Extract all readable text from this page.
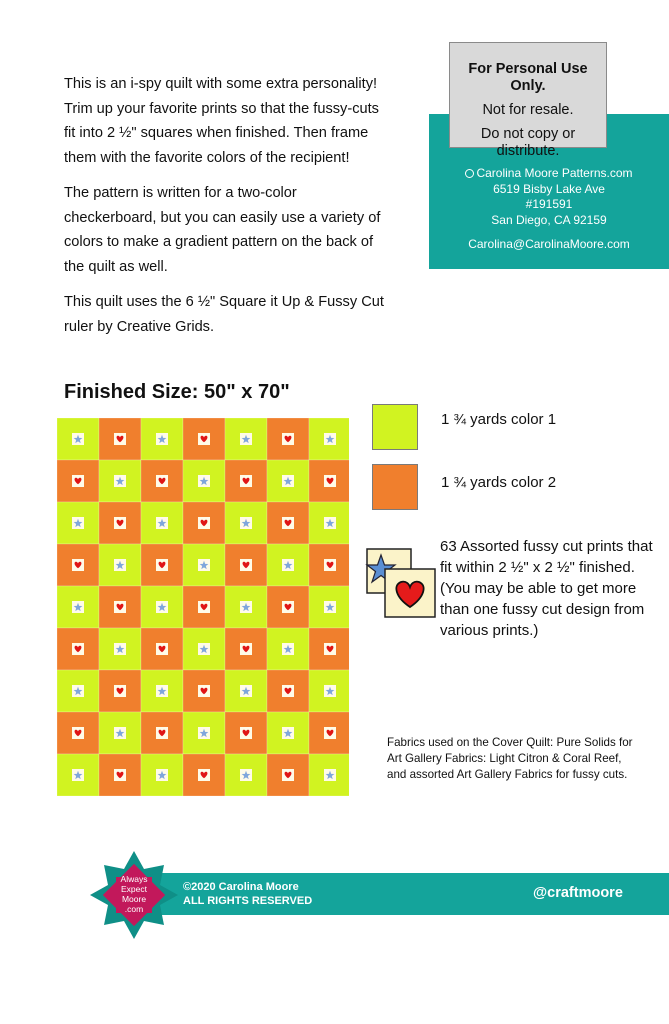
This is an i-spy quilt with some extra personality! Trim up your favorite prints so that the fussy-cuts fit into 2 ½" squares when finished. Then frame them with the favorite colors of the recipient!

The pattern is written for a two-color checkerboard, but you can easily use a variety of colors to make a gradient pattern on the back of the quilt as well.

This quilt uses the 6 ½" Square it Up & Fussy Cut ruler by Creative Grids.

For Personal Use Only.
Not for resale.
Do not copy or distribute.
Carolina Moore Patterns.com
6519 Bisby Lake Ave
#191591
San Diego, CA 92159
Carolina@CarolinaMoore.com
Finished Size: 50" x 70"
1 ¾ yards color 1
1 ¾ yards color 2
63 Assorted fussy cut prints that fit within 2 ½" x 2 ½" finished. (You may be able to get more than one fussy cut design from various prints.)
Fabrics used on the Cover Quilt: Pure Solids for Art Gallery Fabrics: Light Citron & Coral Reef, and assorted Art Gallery Fabrics for fussy cuts.
©2020 Carolina Moore
ALL RIGHTS RESERVED	@craftmoore
Always
Expect
Moore
.com
